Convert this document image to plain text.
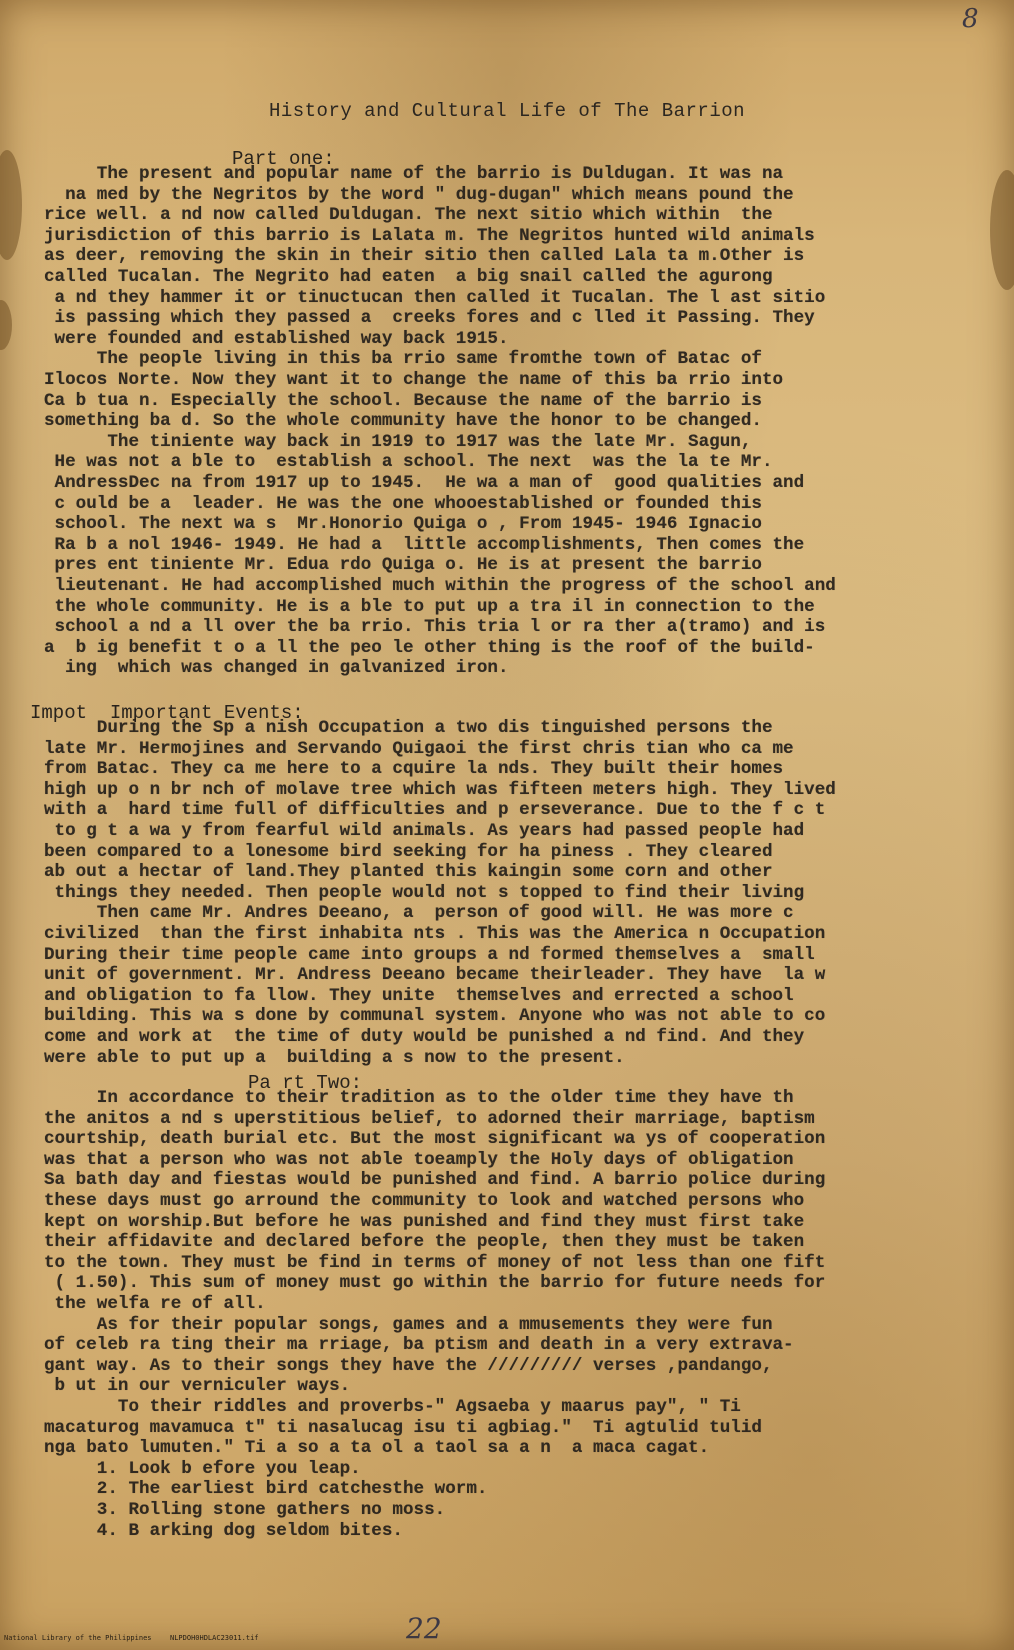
8
History and Cultural Life of The Barrion
Part one:
The present and popular name of the barrio is Duldugan. It was na
na med by the Negritos by the word " dug-dugan" which means pound the
rice well. a nd now called Duldugan. The next sitio which within  the
jurisdiction of this barrio is Lalata m. The Negritos hunted wild animals
as deer, removing the skin in their sitio then called Lala ta m.Other is
called Tucalan. The Negrito had eaten  a big snail called the agurong
a nd they hammer it or tinuctucan then called it Tucalan. The l ast sitio
is passing which they passed a  creeks fores and c lled it Passing. They
were founded and established way back 1915.
The people living in this ba rrio same fromthe town of Batac of
Ilocos Norte. Now they want it to change the name of this ba rrio into
Ca b tua n. Especially the school. Because the name of the barrio is
something ba d. So the whole community have the honor to be changed.
The tiniente way back in 1919 to 1917 was the late Mr. Sagun,
He was not a ble to  establish a school. The next  was the la te Mr.
AndressDec na from 1917 up to 1945.  He wa a man of  good qualities and
c ould be a  leader. He was the one whooestablished or founded this
school. The next wa s  Mr.Honorio Quiga o , From 1945- 1946 Ignacio
Ra b a nol 1946- 1949. He had a  little accomplishments, Then comes the
pres ent tiniente Mr. Edua rdo Quiga o. He is at present the barrio
lieutenant. He had accomplished much within the progress of the school and
the whole community. He is a ble to put up a tra il in connection to the
school a nd a ll over the ba rrio. This tria l or ra ther a(tramo) and is
a  b ig benefit t o a ll the peo le other thing is the roof of the build-
ing  which was changed in galvanized iron.
Impot  Important Events:
During the Sp a nish Occupation a two dis tinguished persons the
late Mr. Hermojines and Servando Quigaoi the first chris tian who ca me
from Batac. They ca me here to a cquire la nds. They built their homes
high up o n br nch of molave tree which was fifteen meters high. They lived
with a  hard time full of difficulties and p erseverance. Due to the f c t
to g t a wa y from fearful wild animals. As years had passed people had
been compared to a lonesome bird seeking for ha piness . They cleared
ab out a hectar of land.They planted this kaingin some corn and other
things they needed. Then people would not s topped to find their living
Then came Mr. Andres Deeano, a  person of good will. He was more c
civilized  than the first inhabita nts . This was the America n Occupation
During their time people came into groups a nd formed themselves a  small
unit of government. Mr. Andress Deeano became theirleader. They have  la w
and obligation to fa llow. They unite  themselves and errected a school
building. This wa s done by communal system. Anyone who was not able to co
come and work at  the time of duty would be punished a nd find. And they
were able to put up a  building a s now to the present.
Pa rt Two:
In accordance to their tradition as to the older time they have th
the anitos a nd s uperstitious belief, to adorned their marriage, baptism
courtship, death burial etc. But the most significant wa ys of cooperation
was that a person who was not able toeamply the Holy days of obligation
Sa bath day and fiestas would be punished and find. A barrio police during
these days must go arround the community to look and watched persons who
kept on worship.But before he was punished and find they must first take
their affidavite and declared before the people, then they must be taken
to the town. They must be find in terms of money of not less than one fift
( 1.50). This sum of money must go within the barrio for future needs for
the welfa re of all.
As for their popular songs, games and a mmusements they were fun
of celeb ra ting their ma rriage, ba ptism and death in a very extrava-
gant way. As to their songs they have the ///////// verses ,pandango,
b ut in our verniculer ways.
To their riddles and proverbs-" Agsaeba y maarus pay", " Ti
macaturog mavamuca t" ti nasalucag isu ti agbiag."  Ti agtulid tulid
nga bato lumuten." Ti a so a ta ol a taol sa a n  a maca cagat.
1. Look b efore you leap.
2. The earliest bird catchesthe worm.
3. Rolling stone gathers no moss.
4. B arking dog seldom bites.
22
National Library of the Philippines	NLPDOH0HDLAC23011.tif
